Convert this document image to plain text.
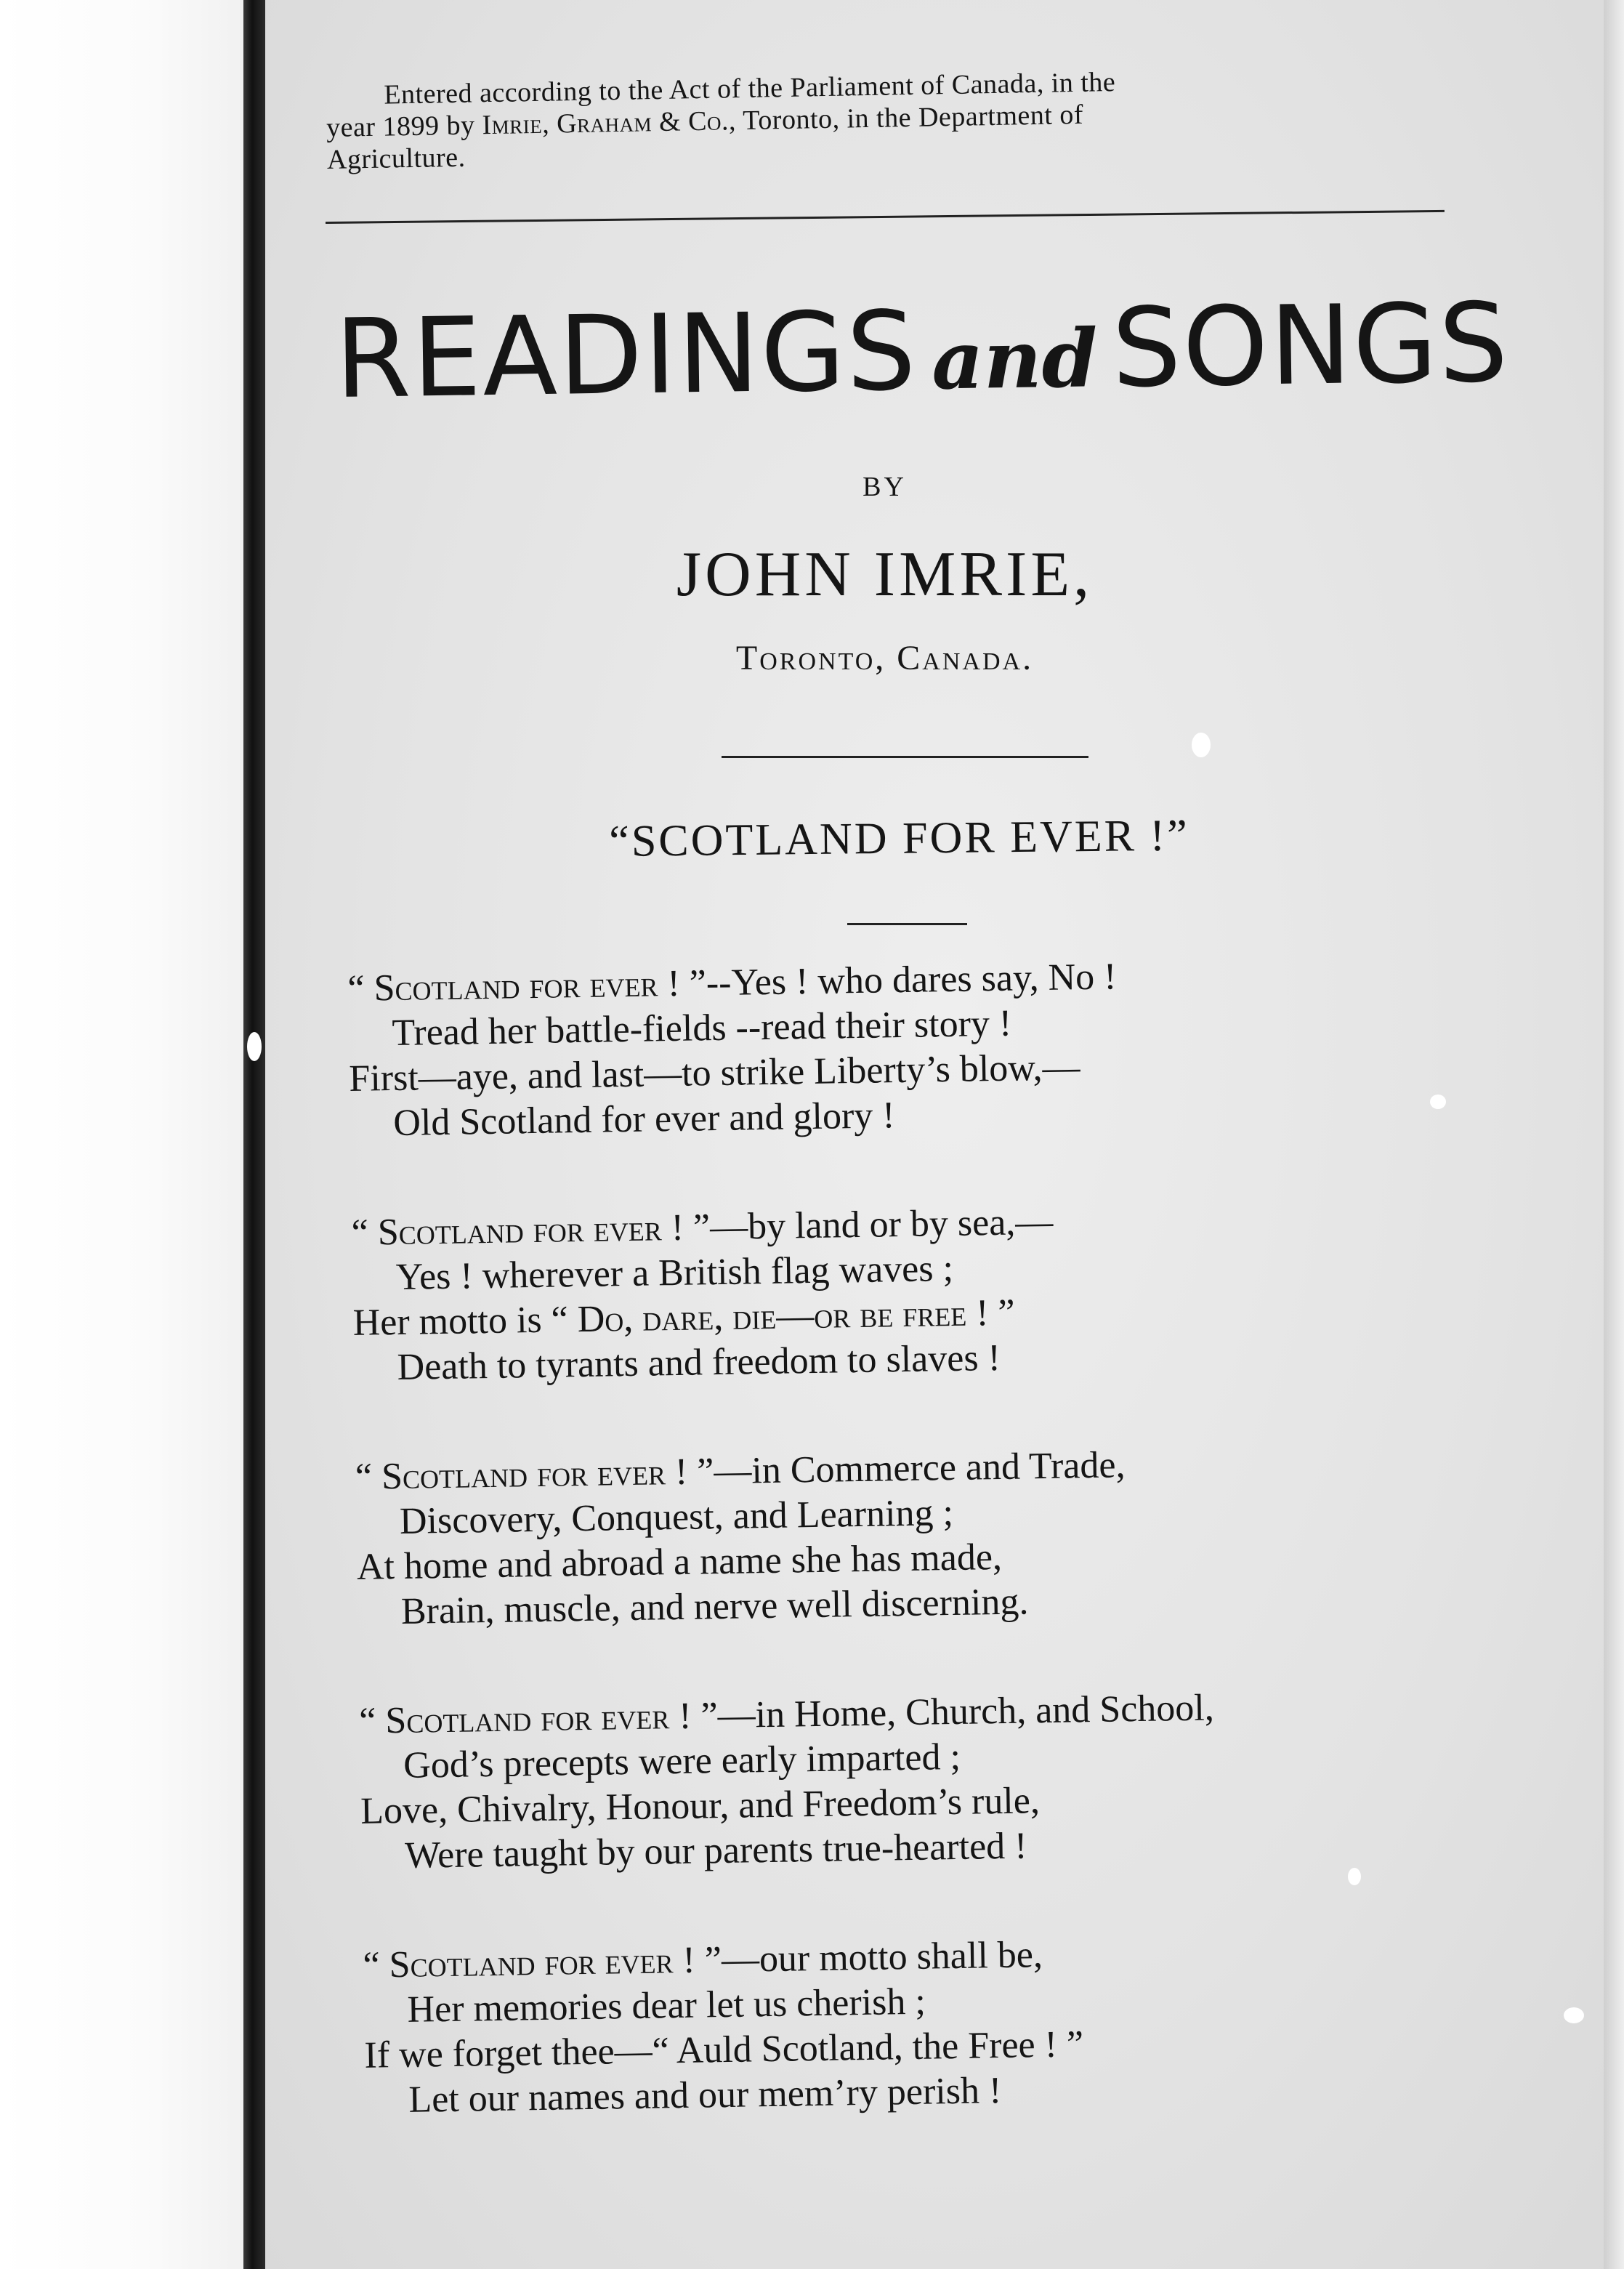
Entered according to the Act of the Parliament of Canada, in the
year 1899 by Imrie, Graham & Co., Toronto, in the Department of
Agriculture.
READINGS and SONGS
BY
JOHN IMRIE,
Toronto, Canada.
“SCOTLAND FOR EVER !”
“ Scotland for ever ! ”--Yes ! who dares say, No !
Tread her battle-fields --read their story !
First—aye, and last—to strike Liberty’s blow,—
Old Scotland for ever and glory !
“ Scotland for ever ! ”—by land or by sea,—
Yes ! wherever a British flag waves ;
Her motto is “ Do, dare, die—or be free ! ”
Death to tyrants and freedom to slaves !
“ Scotland for ever ! ”—in Commerce and Trade,
Discovery, Conquest, and Learning ;
At home and abroad a name she has made,
Brain, muscle, and nerve well discerning.
“ Scotland for ever ! ”—in Home, Church, and School,
God’s precepts were early imparted ;
Love, Chivalry, Honour, and Freedom’s rule,
Were taught by our parents true-hearted !
“ Scotland for ever ! ”—our motto shall be,
Her memories dear let us cherish ;
If we forget thee—“ Auld Scotland, the Free ! ”
Let our names and our mem’ry perish !
